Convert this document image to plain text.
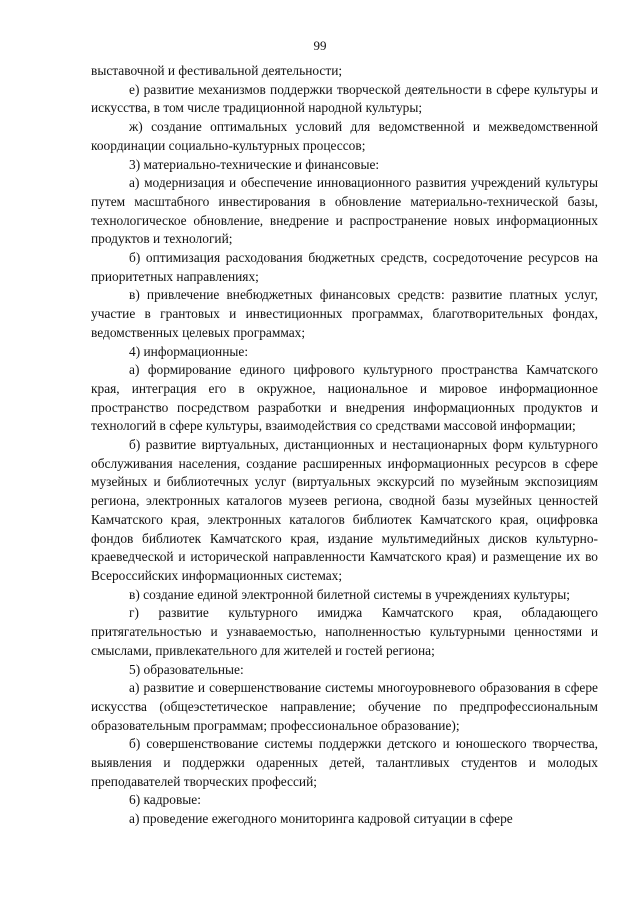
99

выставочной и фестивальной деятельности;

е) развитие механизмов поддержки творческой деятельности в сфере культуры и искусства, в том числе традиционной народной культуры;

ж) создание оптимальных условий для ведомственной и межведомственной координации социально-культурных процессов;

3) материально-технические и финансовые:

а) модернизация и обеспечение инновационного развития учреждений культуры путем масштабного инвестирования в обновление материально-технической базы, технологическое обновление, внедрение и распространение новых информационных продуктов и технологий;

б) оптимизация расходования бюджетных средств, сосредоточение ресурсов на приоритетных направлениях;

в) привлечение внебюджетных финансовых средств: развитие платных услуг, участие в грантовых и инвестиционных программах, благотворительных фондах, ведомственных целевых программах;

4) информационные:

а) формирование единого цифрового культурного пространства Камчатского края, интеграция его в окружное, национальное и мировое информационное пространство посредством разработки и внедрения информационных продуктов и технологий в сфере культуры, взаимодействия со средствами массовой информации;

б) развитие виртуальных, дистанционных и нестационарных форм культурного обслуживания населения, создание расширенных информационных ресурсов в сфере музейных и библиотечных услуг (виртуальных экскурсий по музейным экспозициям региона, электронных каталогов музеев региона, сводной базы музейных ценностей Камчатского края, электронных каталогов библиотек Камчатского края, оцифровка фондов библиотек Камчатского края, издание мультимедийных дисков культурно-краеведческой и исторической направленности Камчатского края) и размещение их во Всероссийских информационных системах;

в) создание единой электронной билетной системы в учреждениях культуры;

г) развитие культурного имиджа Камчатского края, обладающего притягательностью и узнаваемостью, наполненностью культурными ценностями и смыслами, привлекательного для жителей и гостей региона;

5) образовательные:

а) развитие и совершенствование системы многоуровневого образования в сфере искусства (общеэстетическое направление; обучение по предпрофессиональным образовательным программам; профессиональное образование);

б) совершенствование системы поддержки детского и юношеского творчества, выявления и поддержки одаренных детей, талантливых студентов и молодых преподавателей творческих профессий;

6) кадровые:

а) проведение ежегодного мониторинга кадровой ситуации в сфере
